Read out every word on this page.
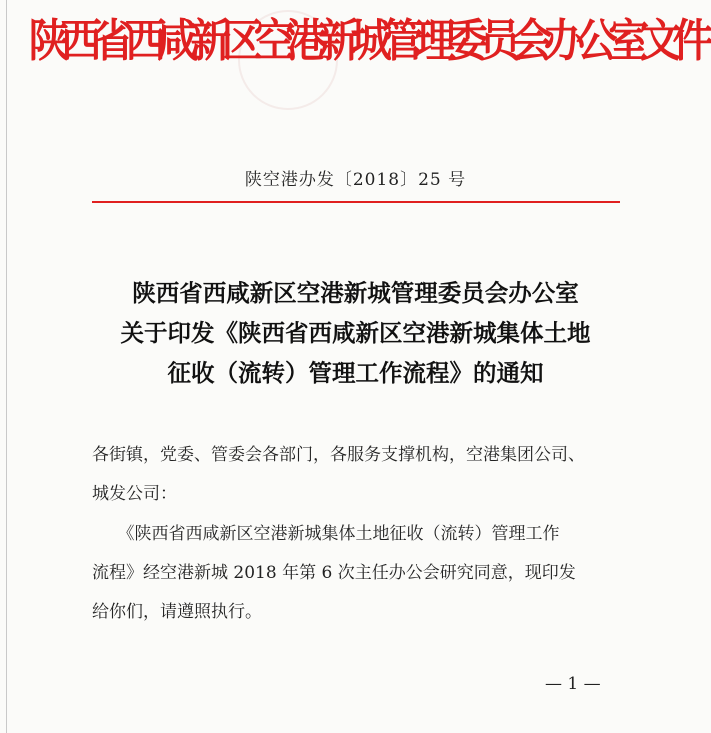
陕西省西咸新区空港新城管理委员会办公室文件
陕空港办发〔2018〕25 号
陕西省西咸新区空港新城管理委员会办公室
关于印发《陕西省西咸新区空港新城集体土地
征收（流转）管理工作流程》的通知
各街镇，党委、管委会各部门，各服务支撑机构，空港集团公司、
城发公司：
　　《陕西省西咸新区空港新城集体土地征收（流转）管理工作
流程》经空港新城 2018 年第 6 次主任办公会研究同意，现印发
给你们，请遵照执行。
— 1 —
